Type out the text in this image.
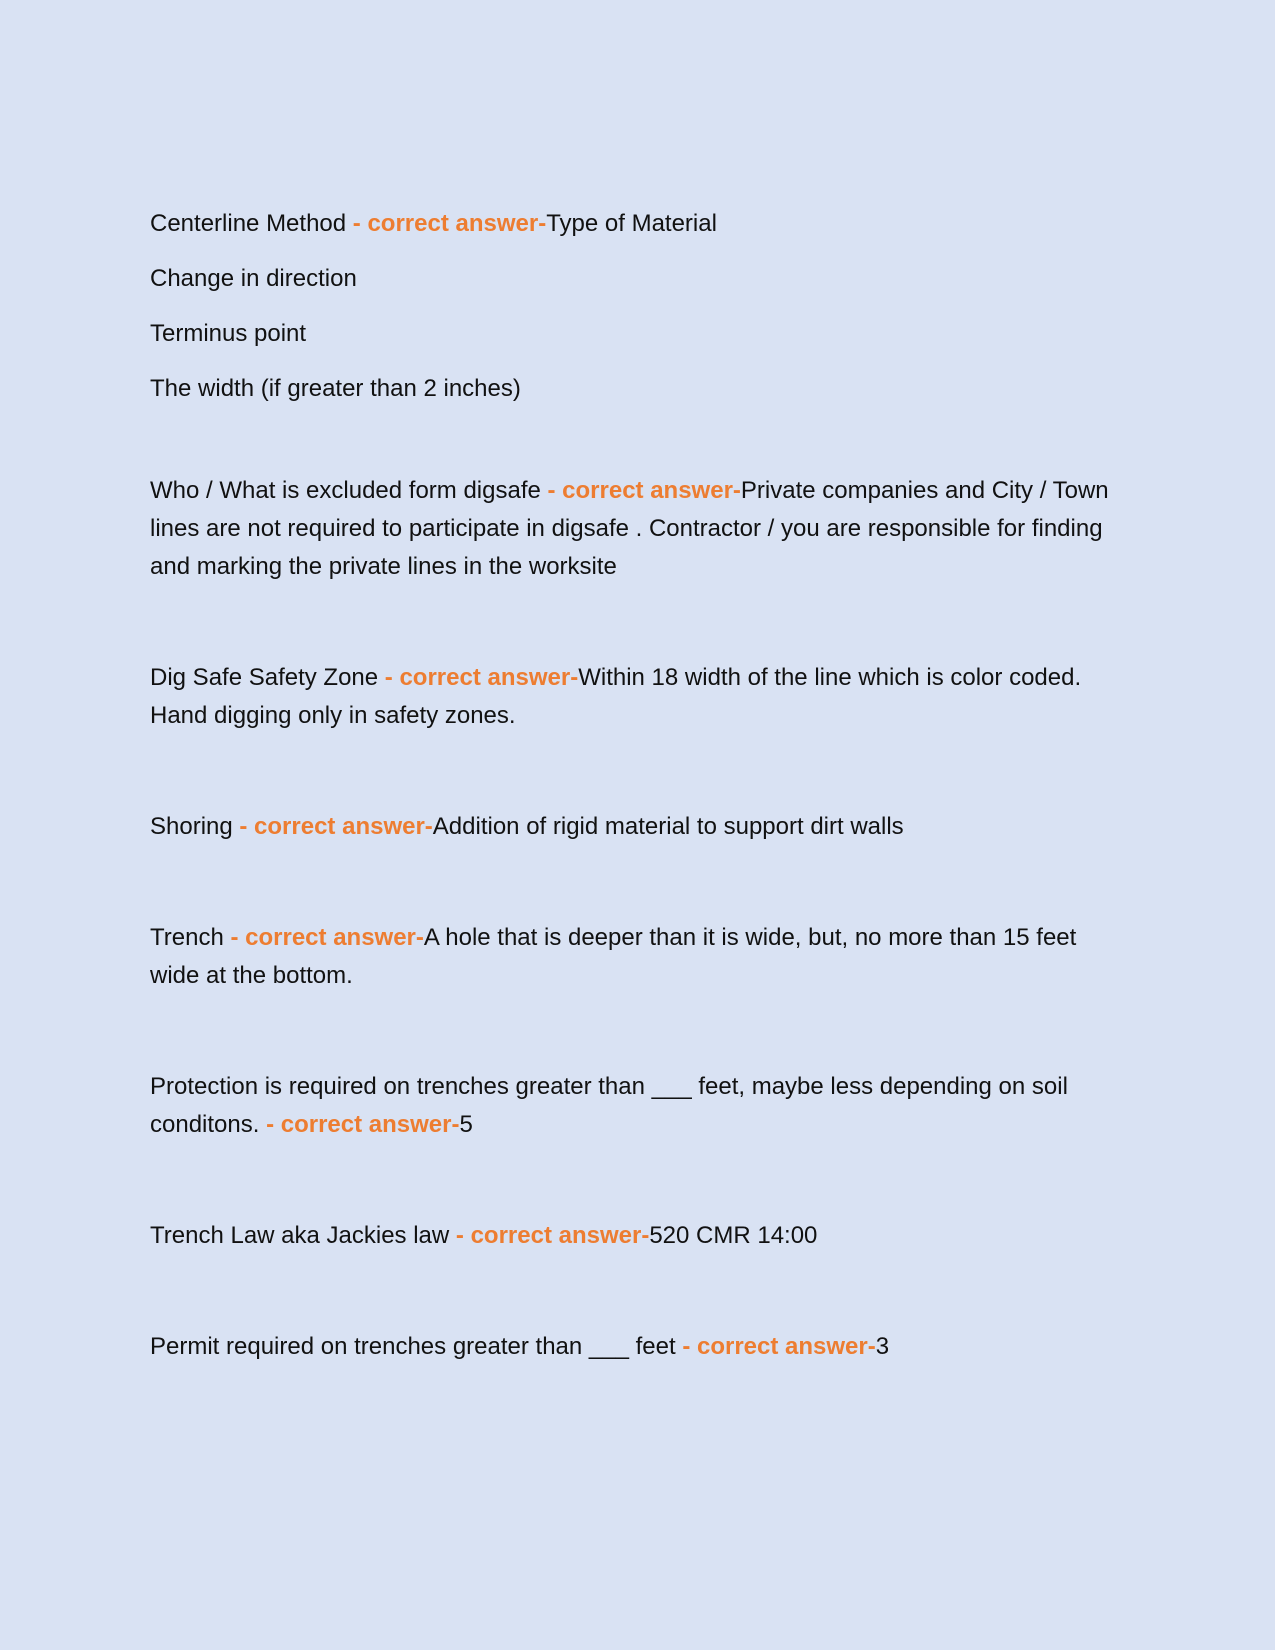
Centerline Method - correct answer-Type of Material

Change in direction

Terminus point

The width (if greater than 2 inches)

Who / What is excluded form digsafe - correct answer-Private companies and City / Town lines are not required to participate in digsafe . Contractor / you are responsible for finding and marking the private lines in the worksite

Dig Safe Safety Zone - correct answer-Within 18 width of the line which is color coded. Hand digging only in safety zones.

Shoring - correct answer-Addition of rigid material to support dirt walls

Trench - correct answer-A hole that is deeper than it is wide, but, no more than 15 feet wide at the bottom.

Protection is required on trenches greater than ___ feet, maybe less depending on soil conditons. - correct answer-5

Trench Law aka Jackies law - correct answer-520 CMR 14:00

Permit required on trenches greater than ___ feet - correct answer-3
